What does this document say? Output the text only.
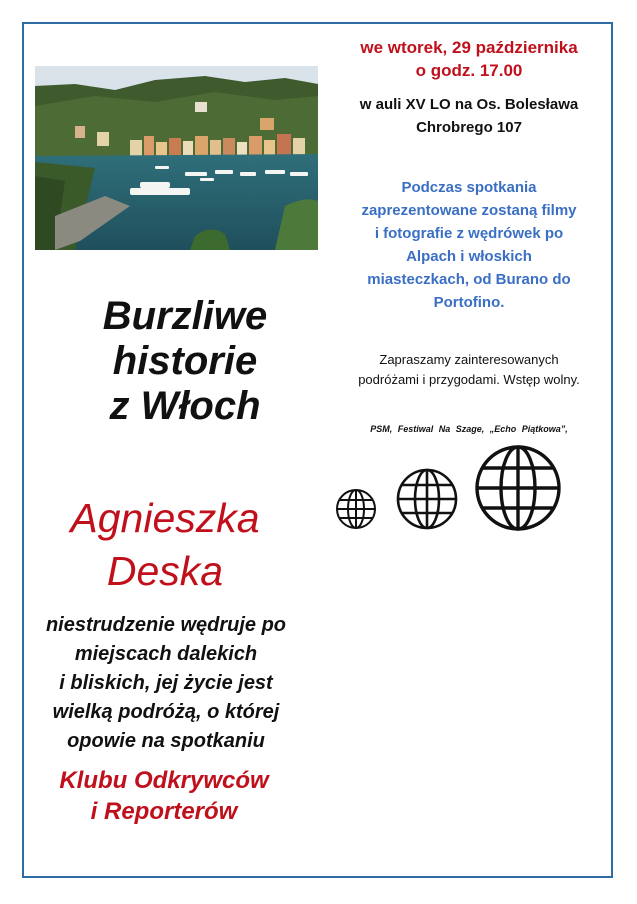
Burzliwe
historie
z Włoch
Agnieszka
Deska
niestrudzenie wędruje po
miejscach dalekich
i bliskich, jej życie jest
wielką podróżą, o której
opowie na spotkaniu
Klubu Odkrywców
i Reporterów
we wtorek, 29 października
o godz. 17.00
w auli XV LO na Os. Bolesława
Chrobrego 107
Podczas spotkania
zaprezentowane zostaną filmy
i fotografie z wędrówek po
Alpach i włoskich
miasteczkach, od Burano do
Portofino.
Zapraszamy zainteresowanych
podróżami i przygodami. Wstęp wolny.
PSM, Festiwal Na Szage, „Echo Piątkowa”,
